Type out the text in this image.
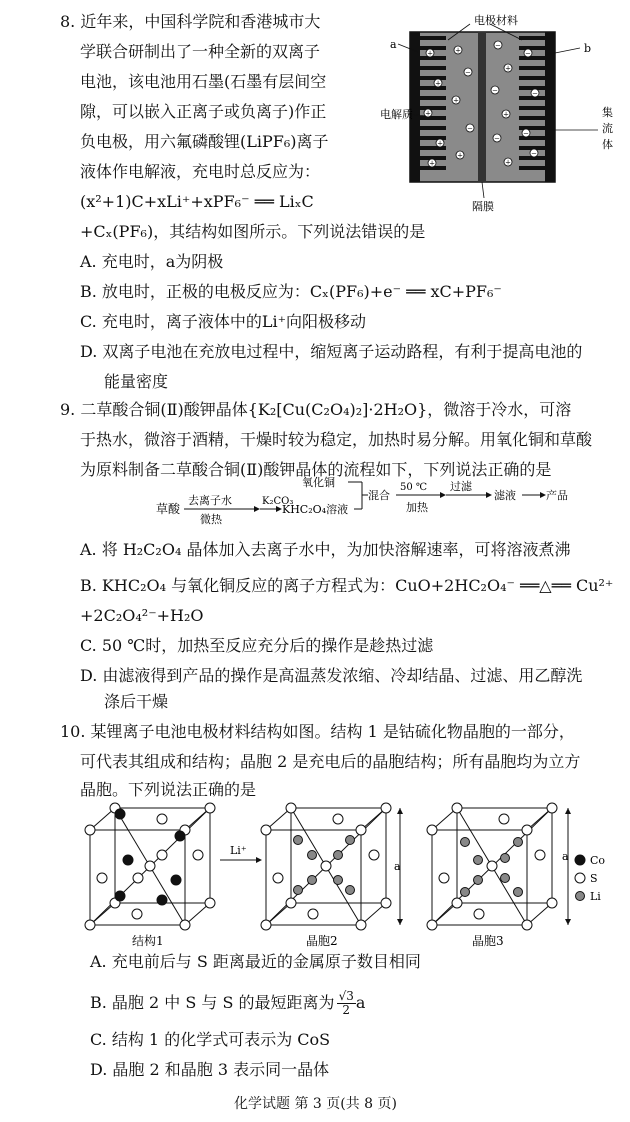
8. 近年来，中国科学院和香港城市大
学联合研制出了一种全新的双离子
电池，该电池用石墨(石墨有层间空
隙，可以嵌入正离子或负离子)作正
负电极，用六氟磷酸锂(LiPF₆)离子
液体作电解液，充电时总反应为：
(x²+1)C+xLi⁺+xPF₆⁻ ══ LiₓC
+Cₓ(PF₆)，其结构如图所示。下列说法错误的是
A. 充电时，a为阴极
B. 放电时，正极的电极反应为：Cₓ(PF₆)+e⁻ ══ xC+PF₆⁻
C. 充电时，离子液体中的Li⁺向阳极移动
D. 双离子电池在充放电过程中，缩短离子运动路程，有利于提高电池的
能量密度
+
+
+
+
+
+
−
+
−
+
−
+
−
+
−
+
−
−
−
−
a	b
电极材料
电解质	集
流
体
隔膜
9. 二草酸合铜(Ⅱ)酸钾晶体{K₂[Cu(C₂O₄)₂]·2H₂O}，微溶于冷水，可溶
于热水，微溶于酒精，干燥时较为稳定，加热时易分解。用氧化铜和草酸
为原料制备二草酸合铜(Ⅱ)酸钾晶体的流程如下，下列说法正确的是
草酸
去离子水
微热
K₂CO₃
KHC₂O₄溶液
氧化铜
混合
50 ℃
加热
过滤
滤液	产品
A. 将 H₂C₂O₄ 晶体加入去离子水中，为加快溶解速率，可将溶液煮沸
B. KHC₂O₄ 与氧化铜反应的离子方程式为：CuO+2HC₂O₄⁻ ══△══ Cu²⁺
+2C₂O₄²⁻+H₂O
C. 50 ℃时，加热至反应充分后的操作是趁热过滤
D. 由滤液得到产品的操作是高温蒸发浓缩、冷却结晶、过滤、用乙醇洗
涤后干燥
10. 某锂离子电池电极材料结构如图。结构 1 是钴硫化物晶胞的一部分，
可代表其组成和结构；晶胞 2 是充电后的晶胞结构；所有晶胞均为立方
晶胞。下列说法正确的是
结构1
Li⁺
a
晶胞2
a
晶胞3
Co
S
Li
A. 充电前后与 S 距离最近的金属原子数目相同
B. 晶胞 2 中 S 与 S 的最短距离为 $\frac{√3}{2}$ a
C. 结构 1 的化学式可表示为 CoS
D. 晶胞 2 和晶胞 3 表示同一晶体
化学试题 第 3 页(共 8 页)
